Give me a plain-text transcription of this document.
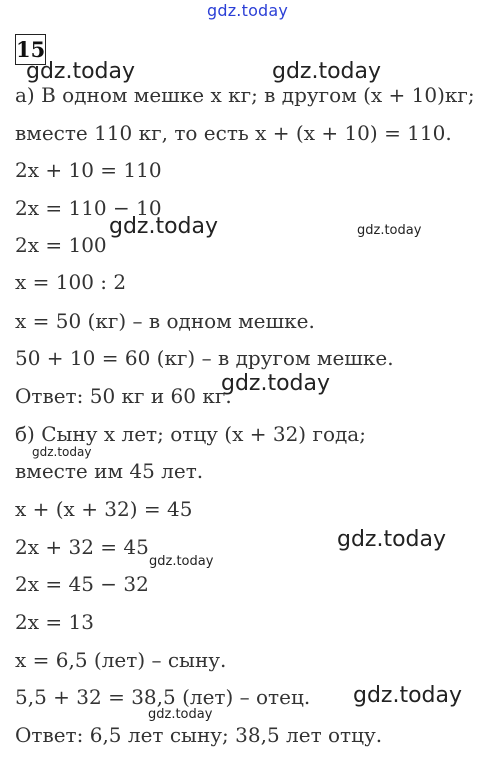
gdz.today
gdz.today	gdz.today
gdz.today	gdz.today
gdz.today
gdz.today
gdz.today
gdz.today
gdz.today
gdz.today
15
а) В одном мешке x кг; в другом (x + 10)кг;
вместе 110 кг, то есть x + (x + 10) = 110.
2x + 10 = 110
2x = 110 − 10
2x = 100
x = 100 : 2
x = 50 (кг) – в одном мешке.
50 + 10 = 60 (кг) – в другом мешке.
Ответ: 50 кг и 60 кг.
б) Сыну x лет; отцу (x + 32) года;
вместе им 45 лет.
x + (x + 32) = 45
2x + 32 = 45
2x = 45 − 32
2x = 13
x = 6,5 (лет) – сыну.
5,5 + 32 = 38,5 (лет) – отец.
Ответ: 6,5 лет сыну; 38,5 лет отцу.
